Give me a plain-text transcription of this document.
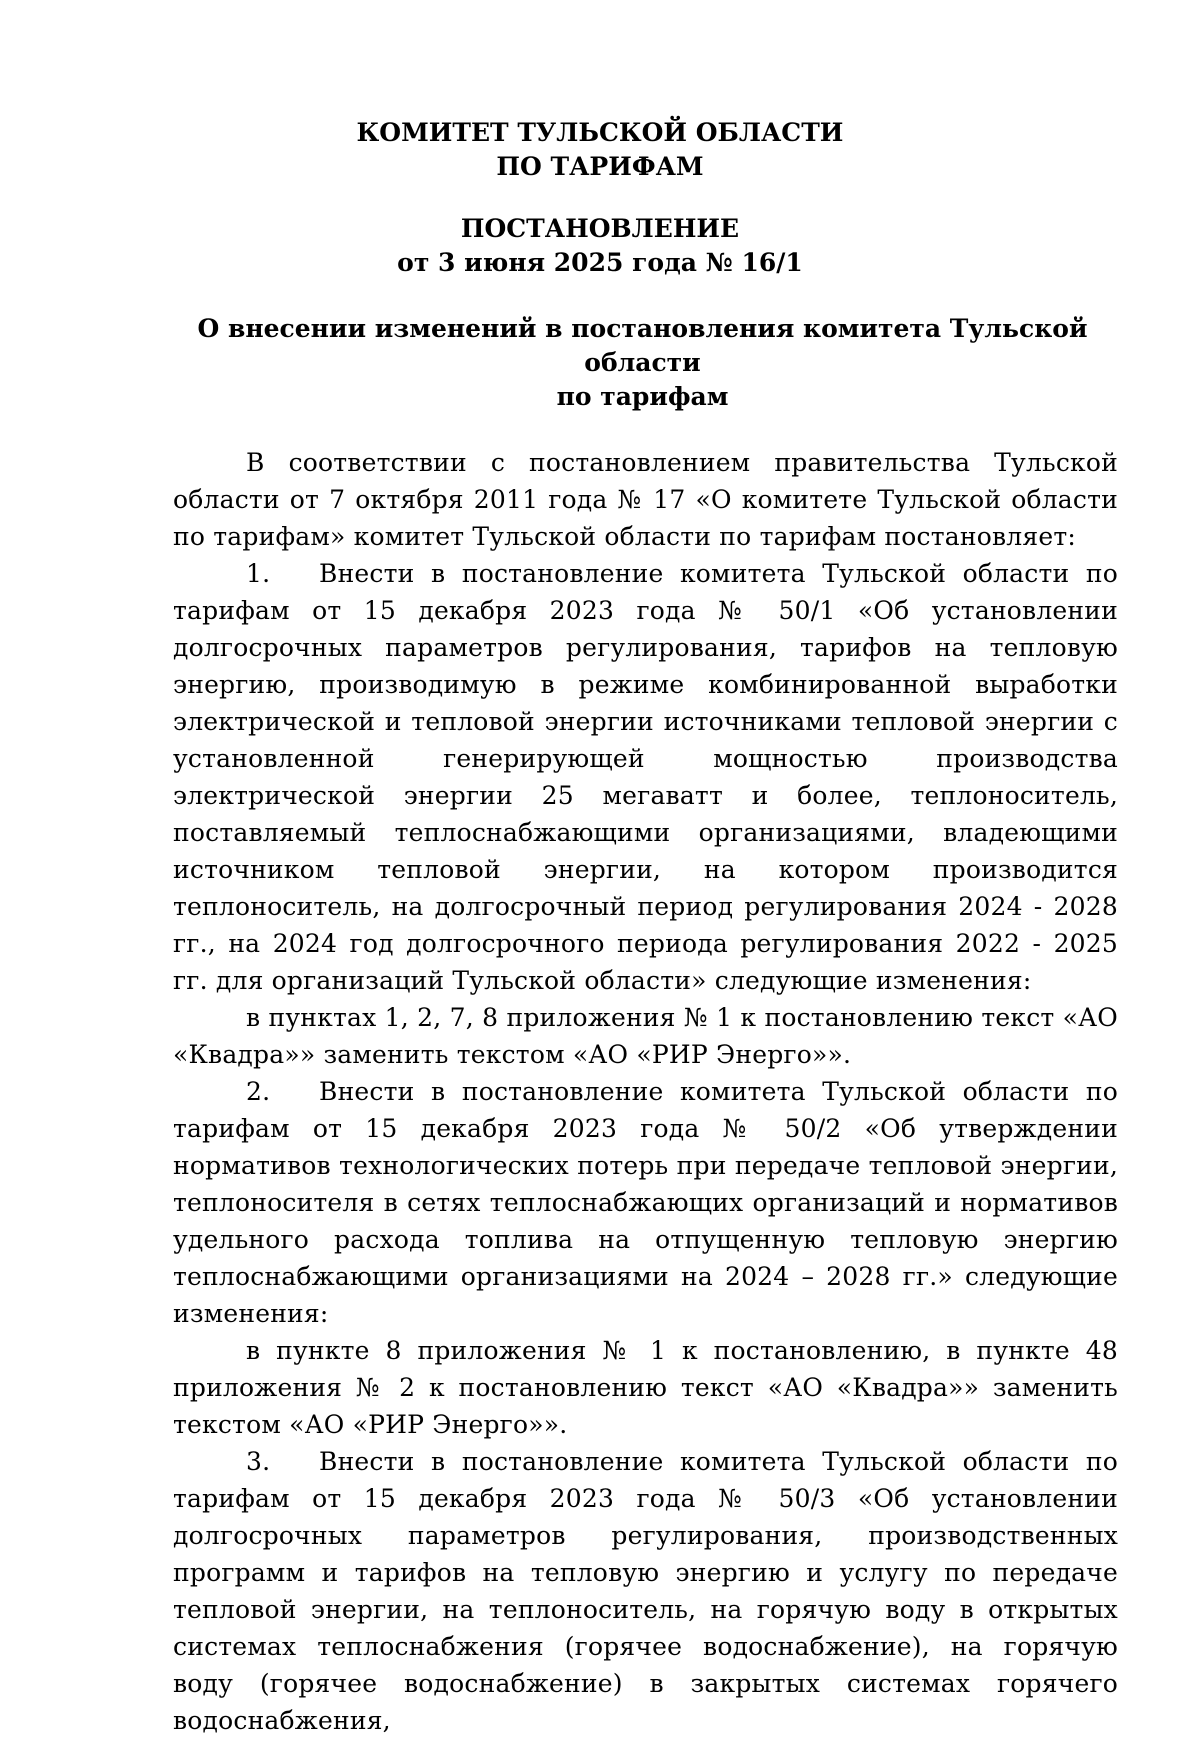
КОМИТЕТ ТУЛЬСКОЙ ОБЛАСТИ
ПО ТАРИФАМ
ПОСТАНОВЛЕНИЕ
от 3 июня 2025 года № 16/1
О внесении изменений в постановления комитета Тульской области
по тарифам

В соответствии с постановлением правительства Тульской области от 7 октября 2011 года № 17 «О комитете Тульской области по тарифам» комитет Тульской области по тарифам постановляет:

1. Внести в постановление комитета Тульской области по тарифам от 15 декабря 2023 года № 50/1 «Об установлении долгосрочных параметров регулирования, тарифов на тепловую энергию, производимую в режиме комбинированной выработки электрической и тепловой энергии источниками тепловой энергии с установленной генерирующей мощностью производства электрической энергии 25 мегаватт и более, теплоноситель, поставляемый теплоснабжающими организациями, владеющими источником тепловой энергии, на котором производится теплоноситель, на долгосрочный период регулирования 2024 - 2028 гг., на 2024 год долгосрочного периода регулирования 2022 - 2025 гг. для организаций Тульской области» следующие изменения:

в пунктах 1, 2, 7, 8 приложения № 1 к постановлению текст «АО «Квадра»» заменить текстом «АО «РИР Энерго»».

2. Внести в постановление комитета Тульской области по тарифам от 15 декабря 2023 года № 50/2 «Об утверждении нормативов технологических потерь при передаче тепловой энергии, теплоносителя в сетях теплоснабжающих организаций и нормативов удельного расхода топлива на отпущенную тепловую энергию теплоснабжающими организациями на 2024 – 2028 гг.» следующие изменения:

в пункте 8 приложения № 1 к постановлению, в пункте 48 приложения № 2 к постановлению текст «АО «Квадра»» заменить текстом «АО «РИР Энерго»».

3. Внести в постановление комитета Тульской области по тарифам от 15 декабря 2023 года № 50/3 «Об установлении долгосрочных параметров регулирования, производственных программ и тарифов на тепловую энергию и услугу по передаче тепловой энергии, на теплоноситель, на горячую воду в открытых системах теплоснабжения (горячее водоснабжение), на горячую воду (горячее водоснабжение) в закрытых системах горячего водоснабжения,
